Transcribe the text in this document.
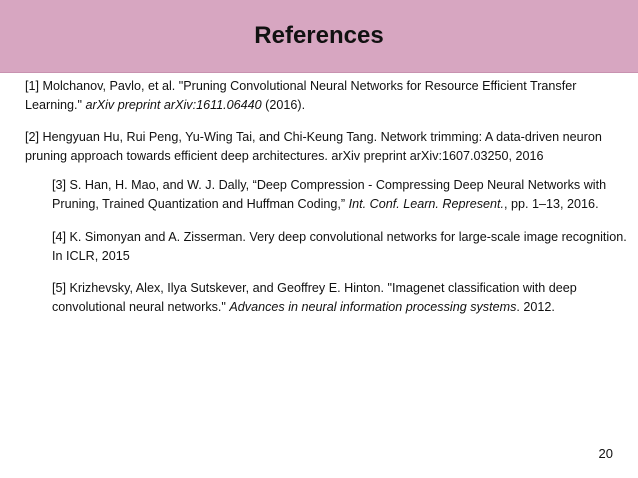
References

[1] Molchanov, Pavlo, et al. "Pruning Convolutional Neural Networks for Resource Efficient Transfer Learning." arXiv preprint arXiv:1611.06440 (2016).

[2] Hengyuan Hu, Rui Peng, Yu-Wing Tai, and Chi-Keung Tang. Network trimming: A data-driven neuron pruning approach towards efficient deep architectures. arXiv preprint arXiv:1607.03250, 2016

[3] S. Han, H. Mao, and W. J. Dally, “Deep Compression - Compressing Deep Neural Networks with Pruning, Trained Quantization and Huffman Coding,” Int. Conf. Learn. Represent., pp. 1–13, 2016.

[4] K. Simonyan and A. Zisserman. Very deep convolutional networks for large-scale image recognition. In ICLR, 2015

[5] Krizhevsky, Alex, Ilya Sutskever, and Geoffrey E. Hinton. "Imagenet classification with deep convolutional neural networks." Advances in neural information processing systems. 2012.

20
